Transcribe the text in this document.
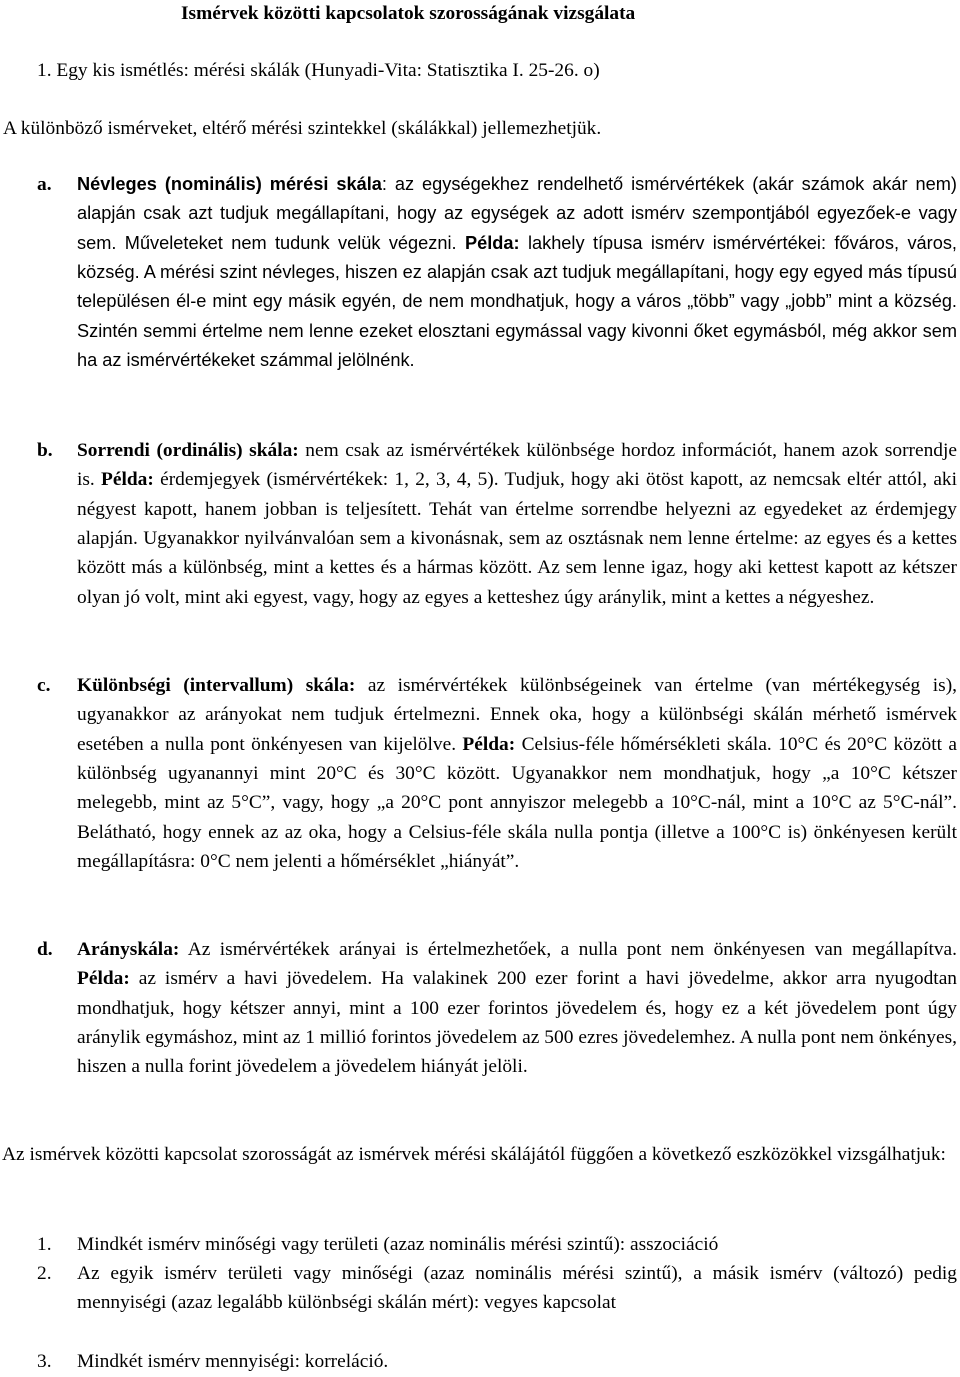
Ismérvek közötti kapcsolatok szorosságának vizsgálata
1. Egy kis ismétlés: mérési skálák (Hunyadi-Vita: Statisztika I. 25-26. o)
A különböző ismérveket, eltérő mérési szintekkel (skálákkal) jellemezhetjük.
a. Névleges (nominális) mérési skála: az egységekhez rendelhető ismérvértékek (akár számok akár nem) alapján csak azt tudjuk megállapítani, hogy az egységek az adott ismérv szempontjából egyezőek-e vagy sem. Műveleteket nem tudunk velük végezni. Példa: lakhely típusa ismérv ismérvértékei: főváros, város, község. A mérési szint névleges, hiszen ez alapján csak azt tudjuk megállapítani, hogy egy egyed más típusú településen él-e mint egy másik egyén, de nem mondhatjuk, hogy a város „több” vagy „jobb” mint a község. Szintén semmi értelme nem lenne ezeket elosztani egymással vagy kivonni őket egymásból, még akkor sem ha az ismérvértékeket számmal jelölnénk.
b. Sorrendi (ordinális) skála: nem csak az ismérvértékek különbsége hordoz információt, hanem azok sorrendje is. Példa: érdemjegyek (ismérvértékek: 1, 2, 3, 4, 5). Tudjuk, hogy aki ötöst kapott, az nemcsak eltér attól, aki négyest kapott, hanem jobban is teljesített. Tehát van értelme sorrendbe helyezni az egyedeket az érdemjegy alapján. Ugyanakkor nyilvánvalóan sem a kivonásnak, sem az osztásnak nem lenne értelme: az egyes és a kettes között más a különbség, mint a kettes és a hármas között. Az sem lenne igaz, hogy aki kettest kapott az kétszer olyan jó volt, mint aki egyest, vagy, hogy az egyes a ketteshez úgy aránylik, mint a kettes a négyeshez.
c. Különbségi (intervallum) skála: az ismérvértékek különbségeinek van értelme (van mértékegység is), ugyanakkor az arányokat nem tudjuk értelmezni. Ennek oka, hogy a különbségi skálán mérhető ismérvek esetében a nulla pont önkényesen van kijelölve. Példa: Celsius-féle hőmérsékleti skála. 10°C és 20°C között a különbség ugyanannyi mint 20°C és 30°C között. Ugyanakkor nem mondhatjuk, hogy „a 10°C kétszer melegebb, mint az 5°C”, vagy, hogy „a 20°C pont annyiszor melegebb a 10°C-nál, mint a 10°C az 5°C-nál”. Belátható, hogy ennek az az oka, hogy a Celsius-féle skála nulla pontja (illetve a 100°C is) önkényesen került megállapításra: 0°C nem jelenti a hőmérséklet „hiányát”.
d. Arányskála: Az ismérvértékek arányai is értelmezhetőek, a nulla pont nem önkényesen van megállapítva. Példa: az ismérv a havi jövedelem. Ha valakinek 200 ezer forint a havi jövedelme, akkor arra nyugodtan mondhatjuk, hogy kétszer annyi, mint a 100 ezer forintos jövedelem és, hogy ez a két jövedelem pont úgy aránylik egymáshoz, mint az 1 millió forintos jövedelem az 500 ezres jövedelemhez. A nulla pont nem önkényes, hiszen a nulla forint jövedelem a jövedelem hiányát jelöli.
Az ismérvek közötti kapcsolat szorosságát az ismérvek mérési skálájától függően a következő eszközökkel vizsgálhatjuk:
1. Mindkét ismérv minőségi vagy területi (azaz nominális mérési szintű): asszociáció
2. Az egyik ismérv területi vagy minőségi (azaz nominális mérési szintű), a másik ismérv (változó) pedig mennyiségi (azaz legalább különbségi skálán mért): vegyes kapcsolat
3. Mindkét ismérv mennyiségi: korreláció.
